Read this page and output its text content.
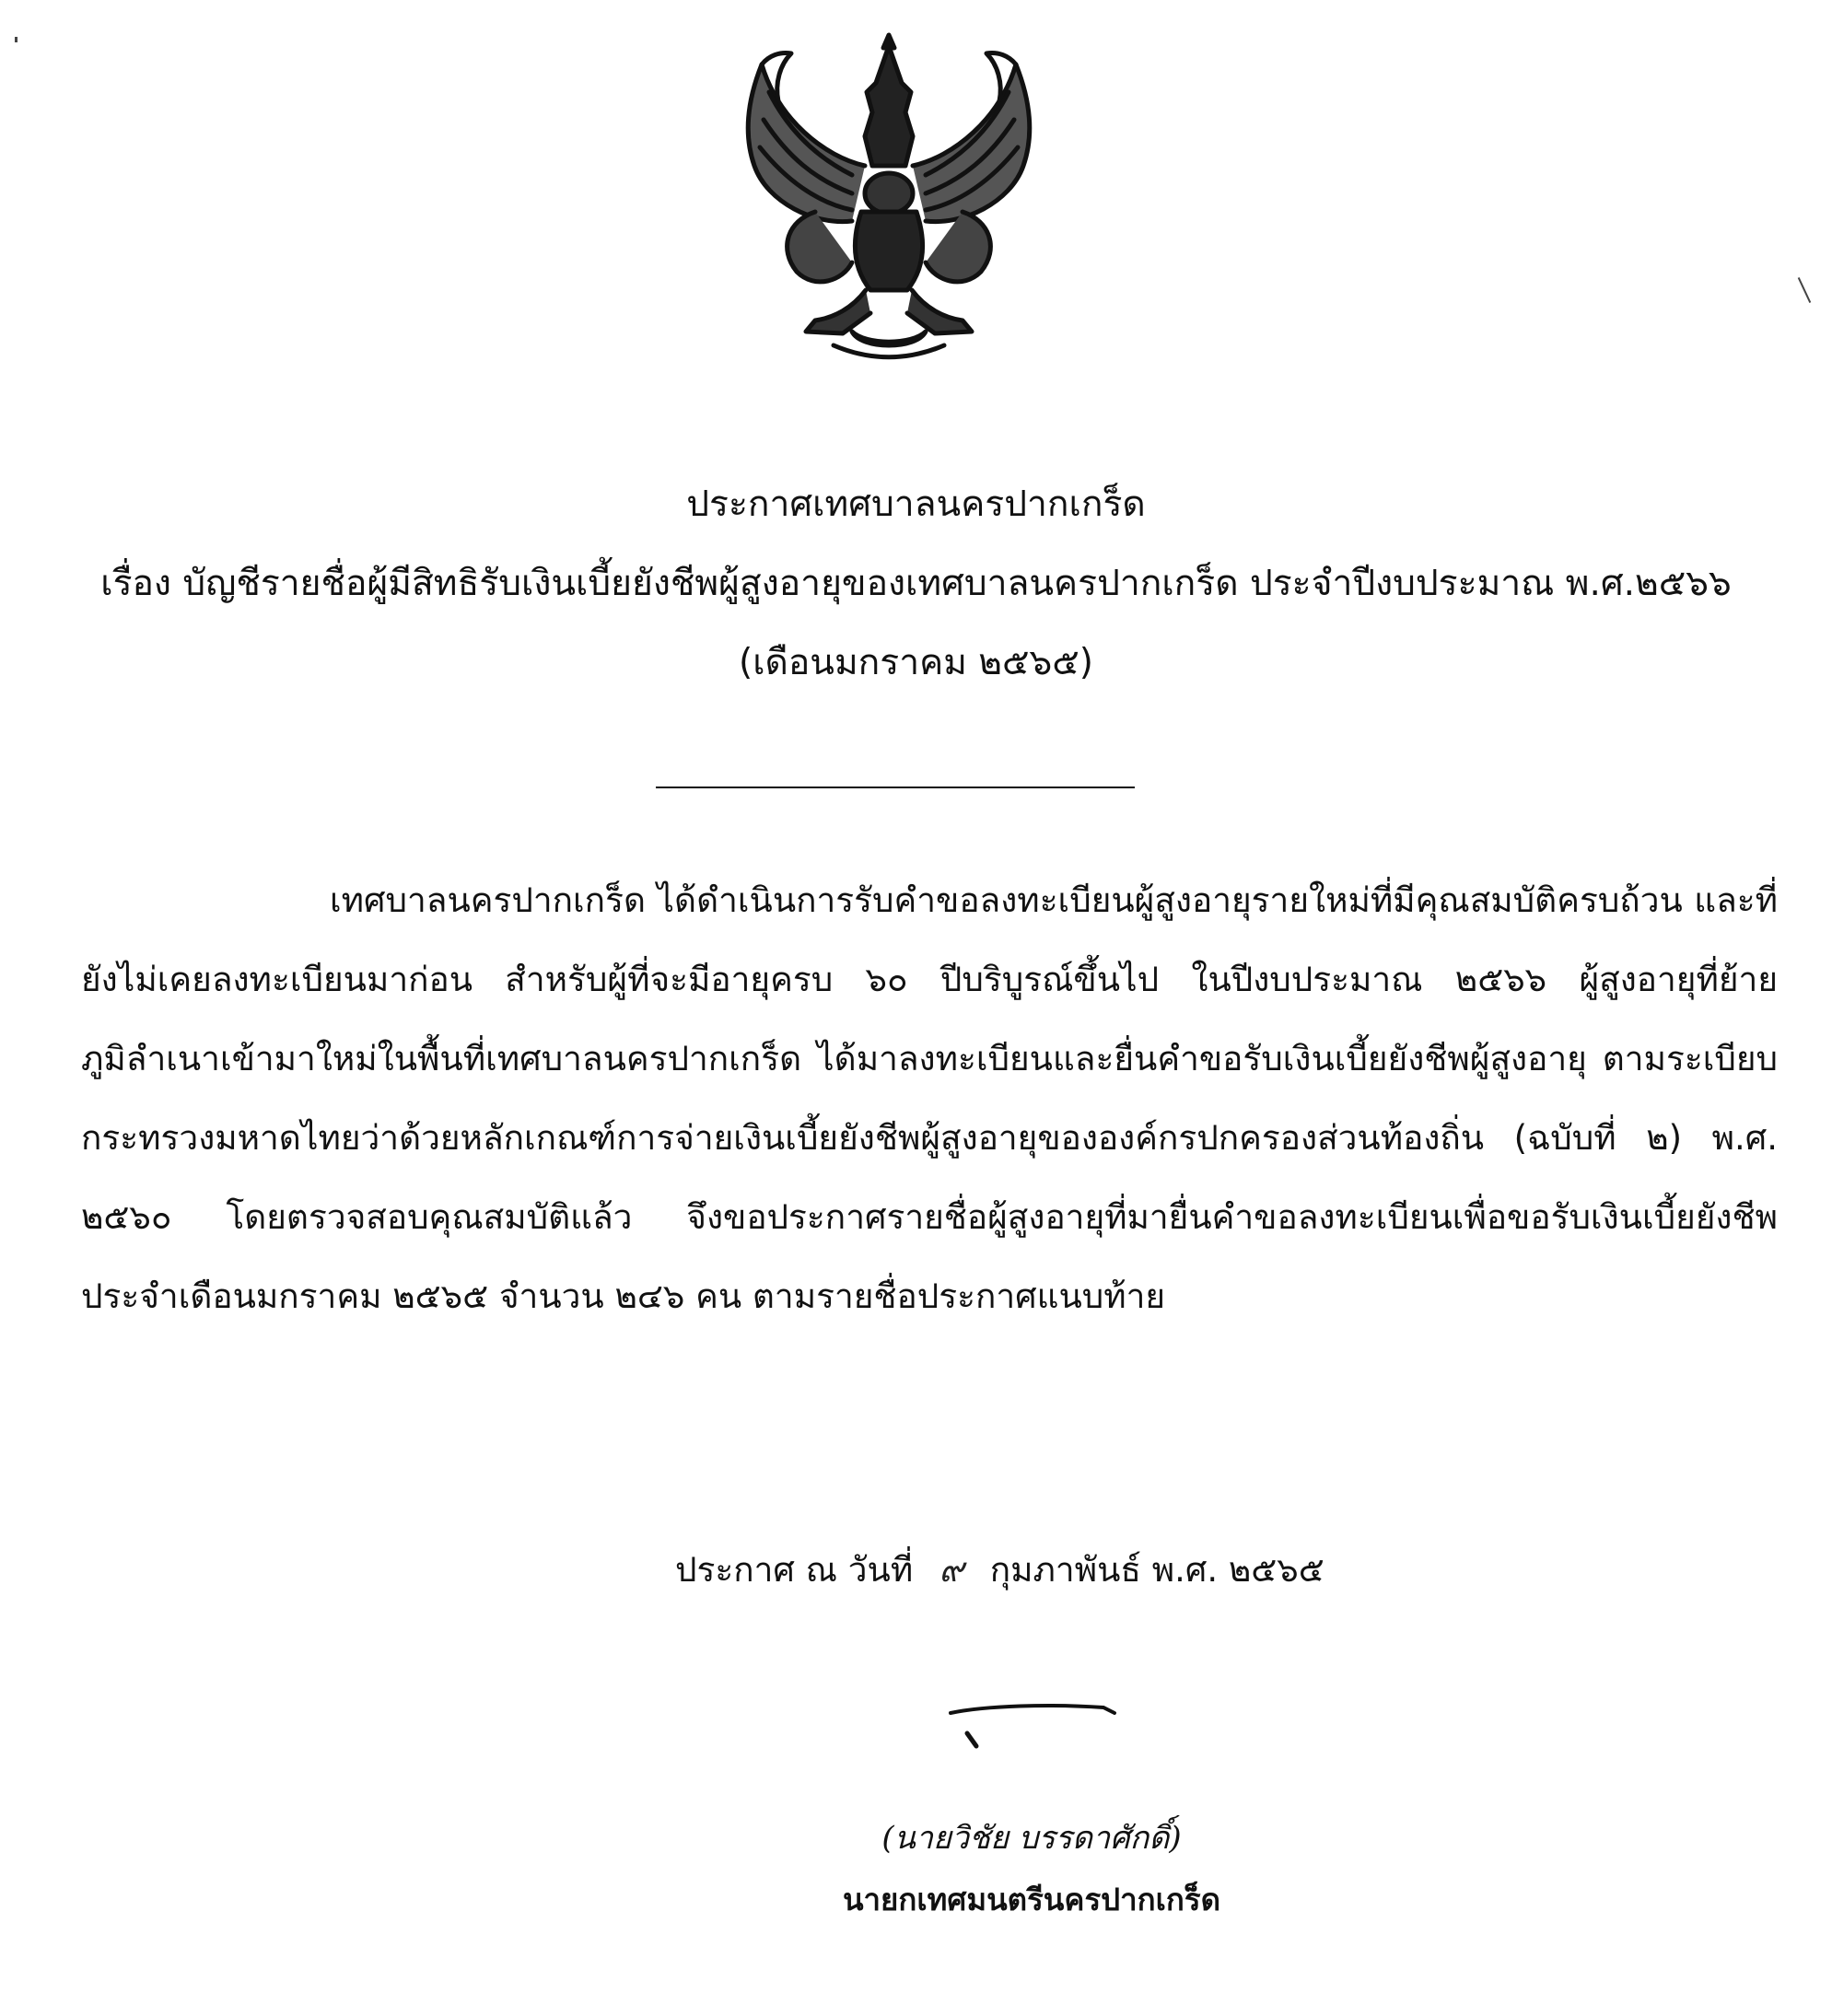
ประกาศเทศบาลนครปากเกร็ด
เรื่อง บัญชีรายชื่อผู้มีสิทธิรับเงินเบี้ยยังชีพผู้สูงอายุของเทศบาลนครปากเกร็ด ประจำปีงบประมาณ พ.ศ.๒๕๖๖
(เดือนมกราคม ๒๕๖๕)
เทศบาลนครปากเกร็ด ได้ดำเนินการรับคำขอลงทะเบียนผู้สูงอายุรายใหม่ที่มีคุณสมบัติครบถ้วน และที่ยังไม่เคยลงทะเบียนมาก่อน สำหรับผู้ที่จะมีอายุครบ ๖๐ ปีบริบูรณ์ขึ้นไป ในปีงบประมาณ ๒๕๖๖ ผู้สูงอายุที่ย้ายภูมิลำเนาเข้ามาใหม่ในพื้นที่เทศบาลนครปากเกร็ด ได้มาลงทะเบียนและยื่นคำขอรับเงินเบี้ยยังชีพผู้สูงอายุ ตามระเบียบกระทรวงมหาดไทยว่าด้วยหลักเกณฑ์การจ่ายเงินเบี้ยยังชีพผู้สูงอายุขององค์กรปกครองส่วนท้องถิ่น (ฉบับที่ ๒) พ.ศ. ๒๕๖๐ โดยตรวจสอบคุณสมบัติแล้ว จึงขอประกาศรายชื่อผู้สูงอายุที่มายื่นคำขอลงทะเบียนเพื่อขอรับเงินเบี้ยยังชีพ ประจำเดือนมกราคม ๒๕๖๕ จำนวน ๒๔๖ คน ตามรายชื่อประกาศแนบท้าย
ประกาศ ณ วันที่ ๙ กุมภาพันธ์ พ.ศ. ๒๕๖๕
(นายวิชัย บรรดาศักดิ์)
นายกเทศมนตรีนครปากเกร็ด
